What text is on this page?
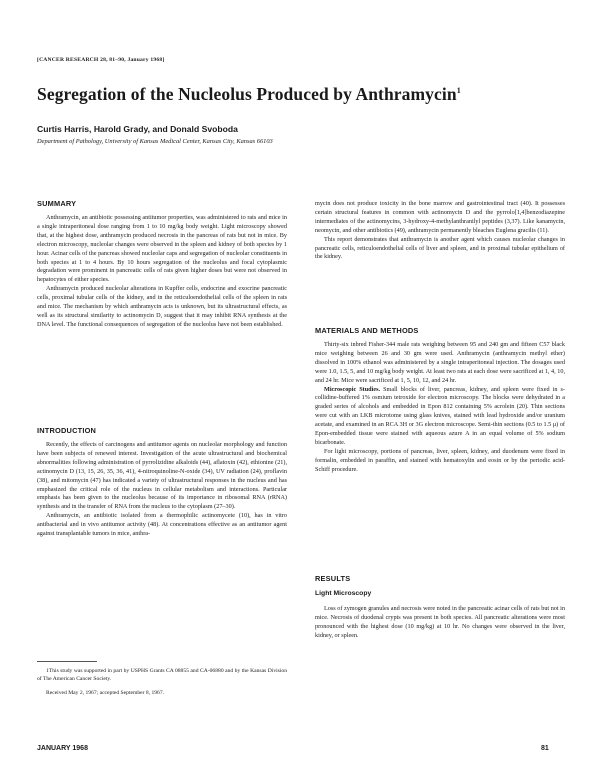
[CANCER RESEARCH 28, 81–90, January 1968]
Segregation of the Nucleolus Produced by Anthramycin$^1$
Curtis Harris, Harold Grady, and Donald Svoboda
Department of Pathology, University of Kansas Medical Center, Kansas City, Kansas 66103
SUMMARY

Anthramycin, an antibiotic possessing antitumor properties, was administered to rats and mice in a single intraperitoneal dose ranging from 1 to 10 mg/kg body weight. Light microscopy showed that, at the highest dose, anthramycin produced necrosis in the pancreas of rats but not in mice. By electron microscopy, nucleolar changes were observed in the spleen and kidney of both species by 1 hour. Acinar cells of the pancreas showed nucleolar caps and segregation of nucleolar constituents in both species at 1 to 4 hours. By 10 hours segregation of the nucleolus and focal cytoplasmic degradation were prominent in pancreatic cells of rats given higher doses but were not observed in hepatocytes of either species.

Anthramycin produced nucleolar alterations in Kupffer cells, endocrine and exocrine pancreatic cells, proximal tubular cells of the kidney, and in the reticuloendothelial cells of the spleen in rats and mice. The mechanism by which anthramycin acts is unknown, but its ultrastructural effects, as well as its structural similarity to actinomycin D, suggest that it may inhibit RNA synthesis at the DNA level. The functional consequences of segregation of the nucleolus have not been established.

INTRODUCTION

Recently, the effects of carcinogens and antitumor agents on nucleolar morphology and function have been subjects of renewed interest. Investigation of the acute ultrastructural and biochemical abnormalities following administration of pyrrolizidine alkaloids (44), aflatoxin (42), ethionine (21), actinomycin D (13, 15, 26, 35, 36, 41), 4-nitroquinoline-N-oxide (34), UV radiation (24), proflavin (38), and mitomycin (47) has indicated a variety of ultrastructural responses in the nucleus and has emphasized the critical role of the nucleus in cellular metabolism and interactions. Particular emphasis has been given to the nucleolus because of its importance in ribosomal RNA (rRNA) synthesis and in the transfer of RNA from the nucleus to the cytoplasm (27–30).

Anthramycin, an antibiotic isolated from a thermophilic actinomycete (10), has in vitro antibacterial and in vivo antitumor activity (48). At concentrations effective as an antitumor agent against transplantable tumors in mice, anthra-

1This study was supported in part by USPHS Grants CA 08855 and CA-06880 and by the Kansas Division of The American Cancer Society.

Received May 2, 1967; accepted September 8, 1967.

mycin does not produce toxicity in the bone marrow and gastrointestinal tract (40). It possesses certain structural features in common with actinomycin D and the pyrrolo[1,4]benzodiazepine intermediates of the actinomycins, 3-hydroxy-4-methylanthranilyl peptides (3,37). Like kanamycin, neomycin, and other antibiotics (49), anthramycin permanently bleaches Euglena gracilis (11).

This report demonstrates that anthramycin is another agent which causes nucleolar changes in pancreatic cells, reticuloendothelial cells of liver and spleen, and in proximal tubular epithelium of the kidney.

MATERIALS AND METHODS

Thirty-six inbred Fisher-344 male rats weighing between 95 and 240 gm and fifteen C57 black mice weighing between 26 and 30 gm were used. Anthramycin (anthramycin methyl ether) dissolved in 100% ethanol was administered by a single intraperitoneal injection. The dosages used were 1.0, 1.5, 5, and 10 mg/kg body weight. At least two rats at each dose were sacrificed at 1, 4, 10, and 24 hr. Mice were sacrificed at 1, 5, 10, 12, and 24 hr.

Microscopic Studies. Small blocks of liver, pancreas, kidney, and spleen were fixed in s-collidine-buffered 1% osmium tetroxide for electron microscopy. The blocks were dehydrated in a graded series of alcohols and embedded in Epon 812 containing 5% acrolein (20). Thin sections were cut with an LKB microtome using glass knives, stained with lead hydroxide and/or uranium acetate, and examined in an RCA 3H or 3G electron microscope. Semi-thin sections (0.5 to 1.5 μ) of Epon-embedded tissue were stained with aqueous azure A in an equal volume of 5% sodium bicarbonate.

For light microscopy, portions of pancreas, liver, spleen, kidney, and duodenum were fixed in formalin, embedded in paraffin, and stained with hematoxylin and eosin or by the periodic acid-Schiff procedure.

RESULTS
Light Microscopy

Loss of zymogen granules and necrosis were noted in the pancreatic acinar cells of rats but not in mice. Necrosis of duodenal crypts was present in both species. All pancreatic alterations were most pronounced with the highest dose (10 mg/kg) at 10 hr. No changes were observed in the liver, kidney, or spleen.

JANUARY 1968	81
